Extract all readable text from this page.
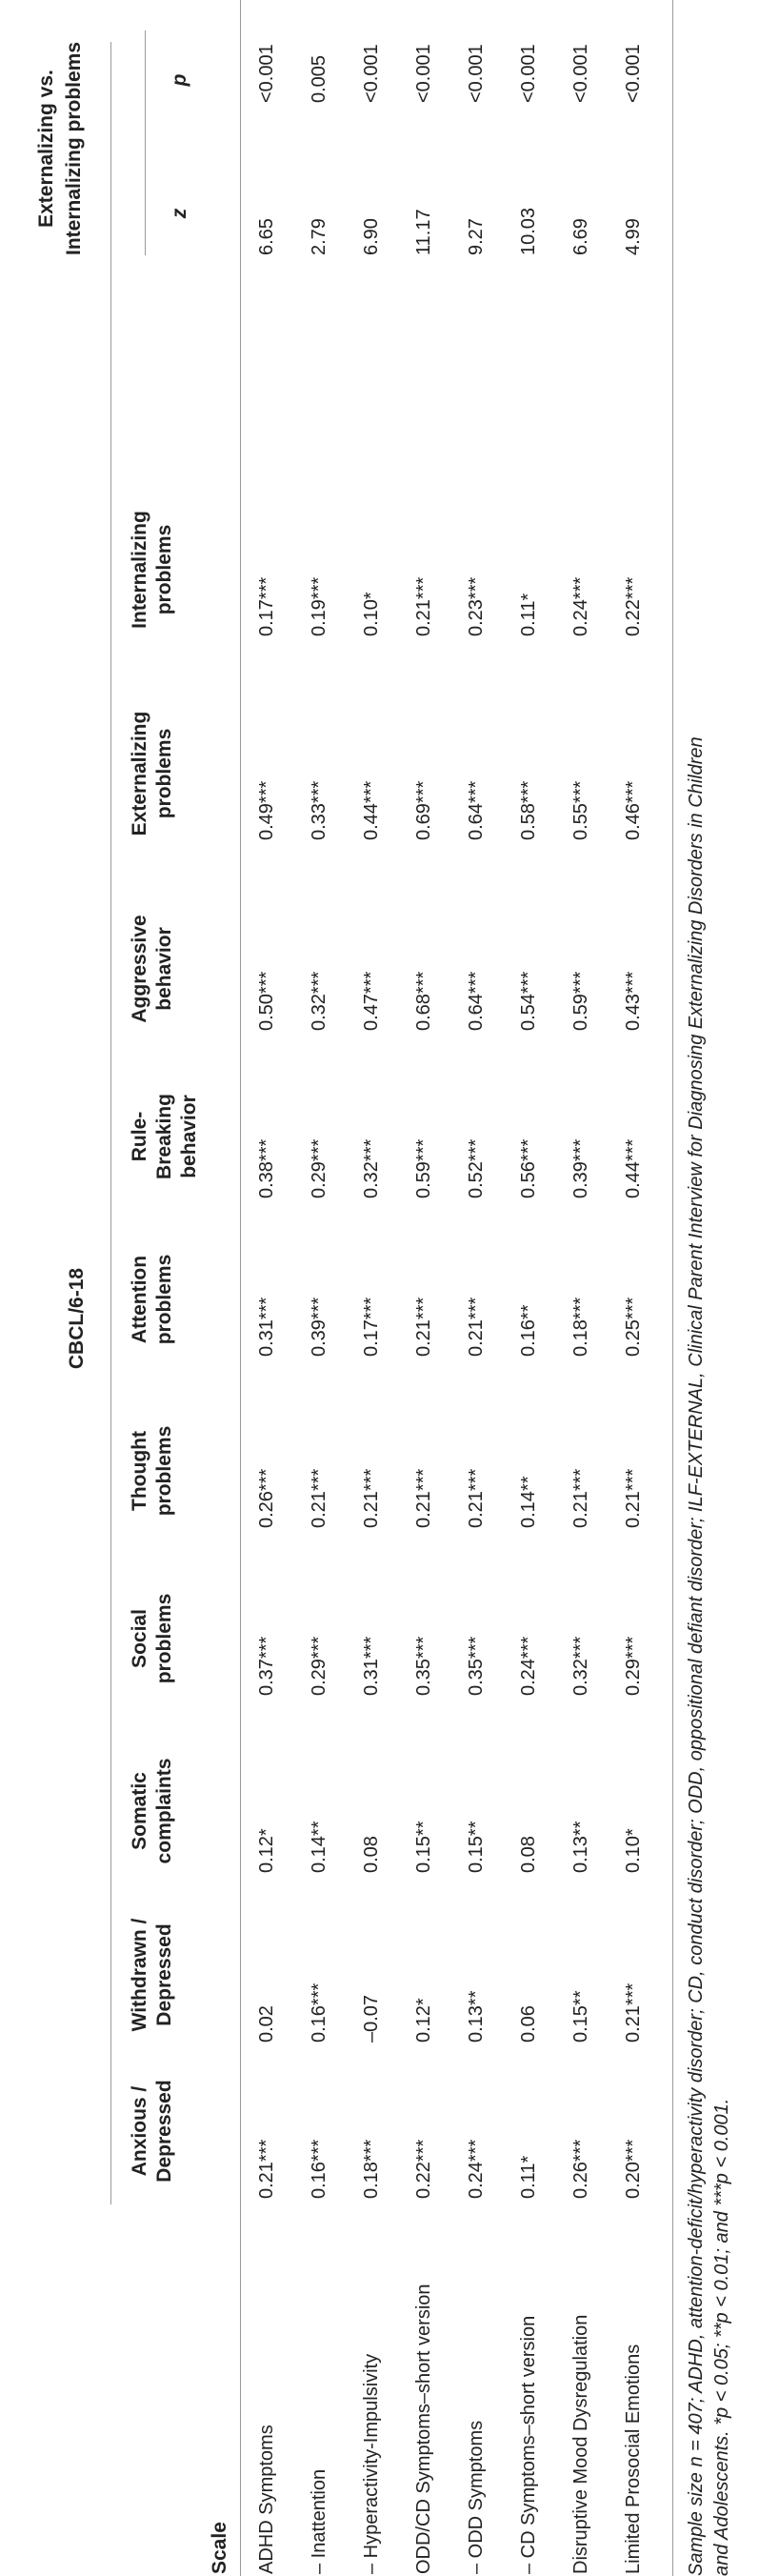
CBCL/6-18
Anxious / Depressed
Withdrawn / Depressed
Somatic complaints
Social problems
Thought problems
Attention problems
Rule-Breaking behavior
Aggressive behavior
Externalizing problems
Internalizing problems
Externalizing vs. Internalizing problems	z
p
Scale ADHD Symptoms
0.21***
0.02
0.12*
0.37***
0.26***
0.31***
0.38***
0.50***
0.49***
0.17***
6.65
<0.001
– Inattention
0.16***
0.16***
0.14**
0.29***
0.21***
0.39***
0.29***
0.32***
0.33***
0.19***
2.79
0.005
– Hyperactivity-Impulsivity
0.18***
–0.07
0.08
0.31***
0.21***
0.17***
0.32***
0.47***
0.44***
0.10*
6.90
<0.001
ODD/CD Symptoms–short version
0.22***
0.12*
0.15**
0.35***
0.21***
0.21***
0.59***
0.68***
0.69***
0.21***
11.17
<0.001
– ODD Symptoms
0.24***
0.13**
0.15**
0.35***
0.21***
0.21***
0.52***
0.64***
0.64***
0.23***
9.27
<0.001
– CD Symptoms–short version
0.11*
0.06
0.08
0.24***
0.14**
0.16**
0.56***
0.54***
0.58***
0.11*
10.03
<0.001
Disruptive Mood Dysregulation
0.26***
0.15**
0.13**
0.32***
0.21***
0.18***
0.39***
0.59***
0.55***
0.24***
6.69
<0.001
Limited Prosocial Emotions
0.20***
0.21***
0.10*
0.29***
0.21***
0.25***
0.44***
0.43***
0.46***
0.22***
4.99
<0.001
Sample size n = 407; ADHD, attention-deficit/hyperactivity disorder; CD, conduct disorder; ODD, oppositional defiant disorder; ILF-EXTERNAL, Clinical Parent Interview for Diagnosing Externalizing Disorders in Children and Adolescents. *p < 0.05; **p < 0.01; and ***p < 0.001.
